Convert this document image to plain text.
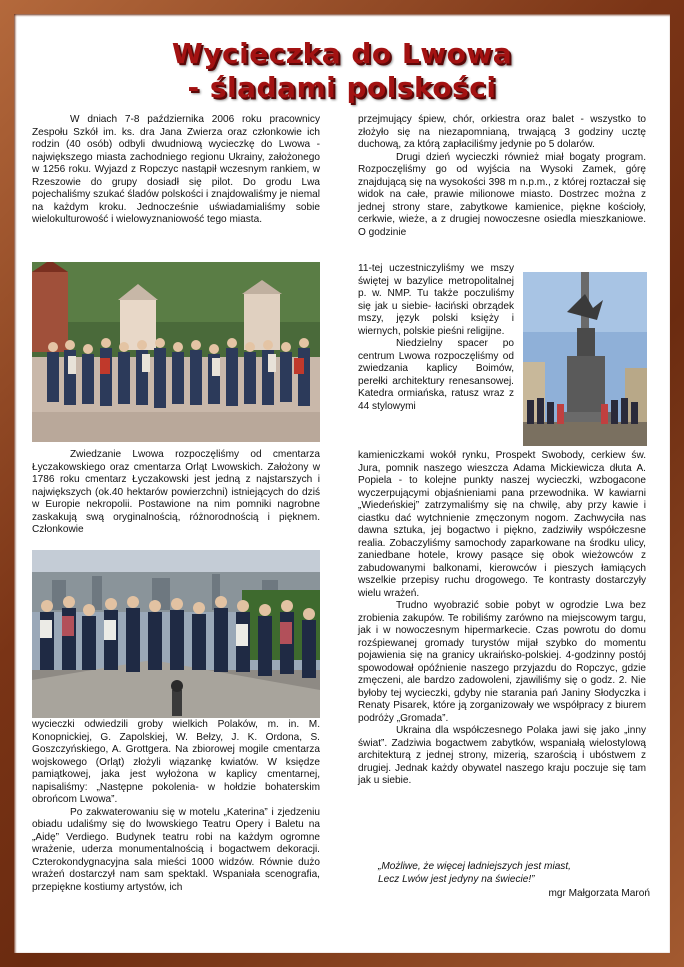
Wycieczka do Lwowa
- śladami polskości

W dniach 7-8 października 2006 roku pracownicy Zespołu Szkół im. ks. dra Jana Zwierza oraz członkowie ich rodzin (40 osób) odbyli dwudniową wycieczkę do Lwowa - największego miasta zachodniego regionu Ukrainy, założonego w 1256 roku. Wyjazd z Ropczyc nastąpił wczesnym rankiem, w Rzeszowie do grupy dosiadł się pilot. Do grodu Lwa pojechaliśmy szukać śladów polskości i znajdowaliśmy je niemal na każdym kroku. Jednocześnie uświadamialiśmy sobie wielokulturowość i wielowyznaniowość tego miasta.

Zwiedzanie Lwowa rozpoczęliśmy od cmentarza Łyczakowskiego oraz cmentarza Orląt Lwowskich. Założony w 1786 roku cmentarz Łyczakowski jest jedną z najstarszych i największych (ok.40 hektarów powierzchni) istniejących do dziś w Europie nekropolii. Postawione na nim pomniki nagrobne zaskakują swą oryginalnością, różnorodnością i pięknem. Członkowie

wycieczki odwiedzili groby wielkich Polaków, m. in. M. Konopnickiej, G. Zapolskiej, W. Bełzy, J. K. Ordona, S. Goszczyńskiego, A. Grottgera. Na zbiorowej mogile cmentarza wojskowego (Orląt) złożyli wiązankę kwiatów. W księdze pamiątkowej, jaka jest wyłożona w kaplicy cmentarnej, napisaliśmy: „Następne pokolenia- w hołdzie bohaterskim obrońcom Lwowa”.

Po zakwaterowaniu się w motelu „Katerina” i zjedzeniu obiadu udaliśmy się do lwowskiego Teatru Opery i Baletu na „Aidę” Verdiego. Budynek teatru robi na każdym ogromne wrażenie, uderza monumentalnością i bogactwem dekoracji. Czterokondygnacyjna sala mieści 1000 widzów. Równie dużo wrażeń dostarczył nam sam spektakl. Wspaniała scenografia, przepiękne kostiumy artystów, ich

przejmujący śpiew, chór, orkiestra oraz balet - wszystko to złożyło się na niezapomnianą, trwającą 3 godziny ucztę duchową, za którą zapłaciliśmy jedynie po 5 dolarów.

Drugi dzień wycieczki również miał bogaty program. Rozpoczęliśmy go od wyjścia na Wysoki Zamek, górę znajdującą się na wysokości 398 m n.p.m., z której roztaczał się widok na całe, prawie milionowe miasto. Dostrzec można z jednej strony stare, zabytkowe kamienice, piękne kościoły, cerkwie, wieże, a z drugiej nowoczesne osiedla mieszkaniowe. O godzinie

11-tej uczestniczyliśmy we mszy świętej w bazylice metropolitalnej p. w. NMP. Tu także poczuliśmy się jak u siebie- łaciński obrządek mszy, język polski księży i wiernych, polskie pieśni religijne.

Niedzielny spacer po centrum Lwowa rozpoczęliśmy od zwiedzania kaplicy Boimów, perełki architektury renesansowej. Katedra ormiańska, ratusz wraz z 44 stylowymi

kamieniczkami wokół rynku, Prospekt Swobody, cerkiew św. Jura, pomnik naszego wieszcza Adama Mickiewicza dłuta A. Popiela - to kolejne punkty naszej wycieczki, wzbogacone wyczerpującymi objaśnieniami pana przewodnika. W kawiarni „Wiedeńskiej” zatrzymaliśmy się na chwilę, aby przy kawie i ciastku dać wytchnienie zmęczonym nogom. Zachwyciła nas dawna sztuka, jej bogactwo i piękno, zadziwiły współczesne realia. Zobaczyliśmy samochody zaparkowane na środku ulicy, zaniedbane hotele, krowy pasące się obok wieżowców z zabudowanymi balkonami, kierowców i pieszych łamiących wszelkie przepisy ruchu drogowego. Te kontrasty dostarczyły wielu wrażeń.

Trudno wyobrazić sobie pobyt w ogrodzie Lwa bez zrobienia zakupów. Te robiliśmy zarówno na miejscowym targu, jak i w nowoczesnym hipermarkecie. Czas powrotu do domu rozśpiewanej gromady turystów mijał szybko do momentu pojawienia się na granicy ukraińsko-polskiej. 4-godzinny postój spowodował opóźnienie naszego przyjazdu do Ropczyc, gdzie zmęczeni, ale bardzo zadowoleni, zjawiliśmy się o godz. 2. Nie byłoby tej wycieczki, gdyby nie starania pań Janiny Słodyczka i Renaty Pisarek, które ją zorganizowały we współpracy z biurem podróży „Gromada”.

Ukraina dla współczesnego Polaka jawi się jako „inny świat”. Zadziwia bogactwem zabytków, wspaniałą wielostylową architekturą z jednej strony, mizerią, szarością i ubóstwem z drugiej. Jednak każdy obywatel naszego kraju poczuje się tam jak u siebie.

„Możliwe, że więcej ładniejszych jest miast,
Lecz Lwów jest jedyny na świecie!”
mgr Małgorzata Maroń
